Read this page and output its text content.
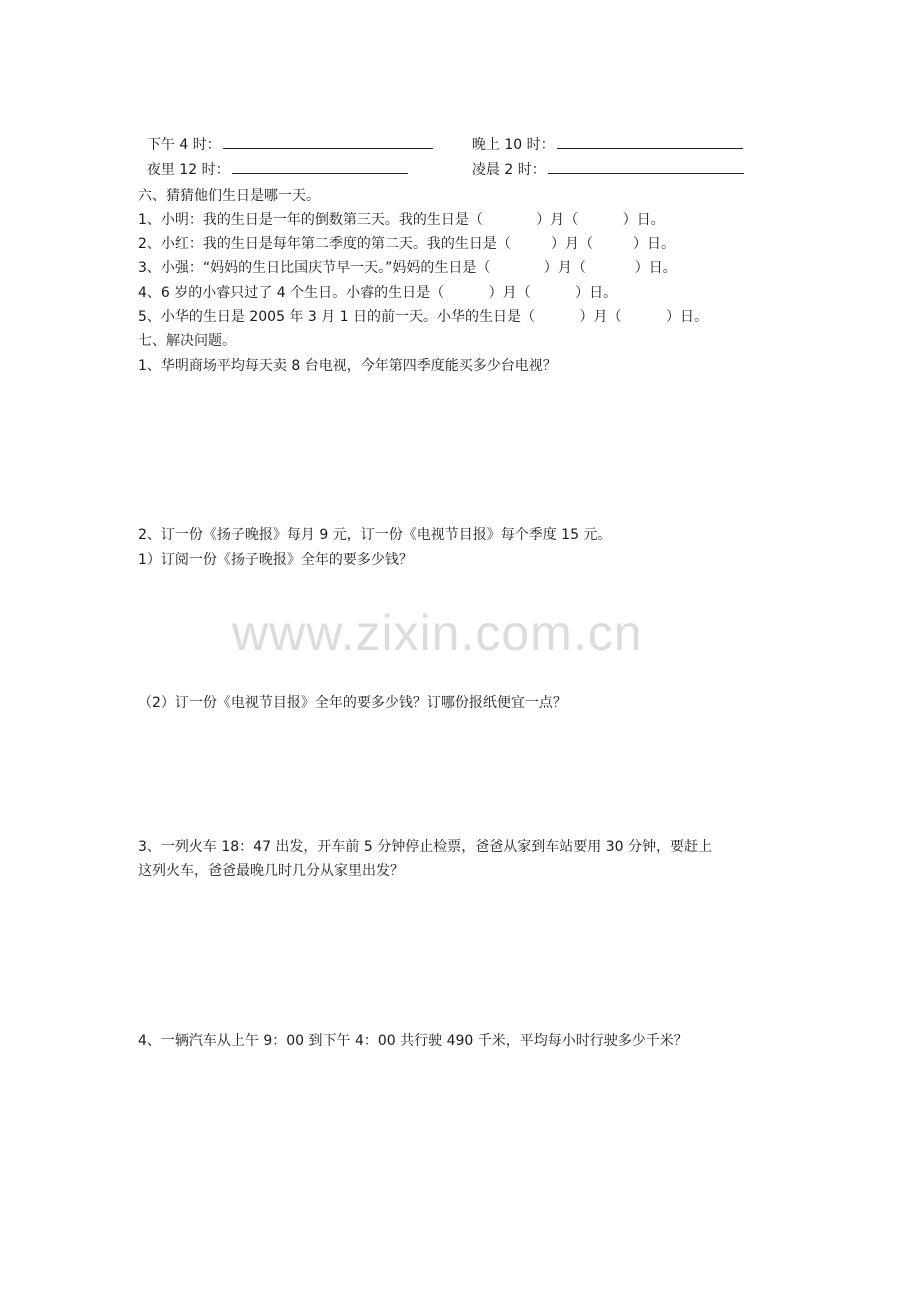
下午 4 时：	晚上 10 时：

夜里 12 时：	凌晨 2 时：

六、猜猜他们生日是哪一天。
1、小明：我的生日是一年的倒数第三天。我的生日是（            ）月（          ）日。
2、小红：我的生日是每年第二季度的第二天。我的生日是（         ）月（         ）日。
3、小强：“妈妈的生日比国庆节早一天。”妈妈的生日是（            ）月（           ）日。
4、6 岁的小睿只过了 4 个生日。小睿的生日是（          ）月（          ）日。
5、小华的生日是 2005 年 3 月 1 日的前一天。小华的生日是（          ）月（          ）日。
七、解决问题。
1、华明商场平均每天卖 8 台电视，今年第四季度能买多少台电视？
2、订一份《扬子晚报》每月 9 元，订一份《电视节目报》每个季度 15 元。
1）订阅一份《扬子晚报》全年的要多少钱？
www.zixin.com.cn
（2）订一份《电视节目报》全年的要多少钱？订哪份报纸便宜一点？
3、一列火车 18：47 出发，开车前 5 分钟停止检票，爸爸从家到车站要用 30 分钟，要赶上
这列火车，爸爸最晚几时几分从家里出发？
4、一辆汽车从上午 9：00 到下午 4：00 共行驶 490 千米，平均每小时行驶多少千米？
